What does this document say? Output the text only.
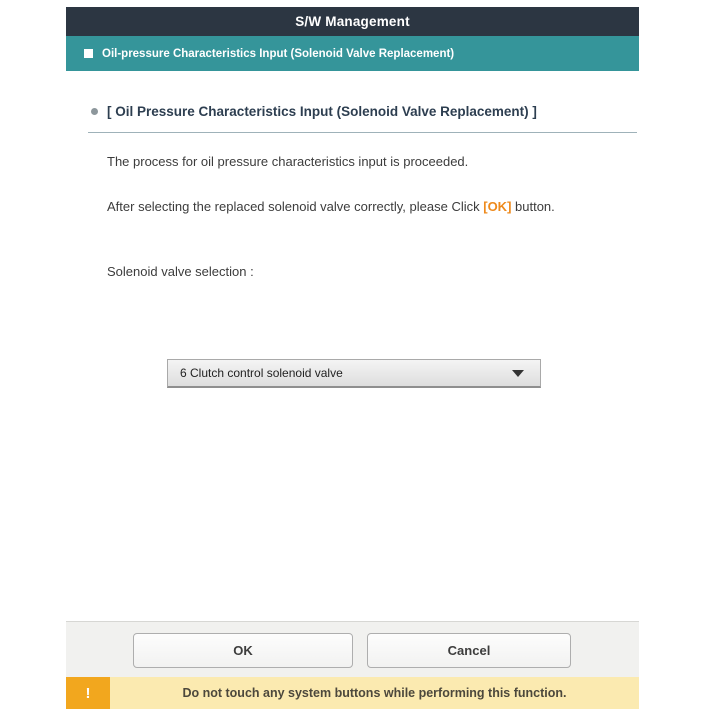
S/W Management
Oil-pressure Characteristics Input (Solenoid Valve Replacement)
[ Oil Pressure Characteristics Input (Solenoid Valve Replacement) ]
The process for oil pressure characteristics input is proceeded.
After selecting the replaced solenoid valve correctly, please Click [OK] button.
Solenoid valve selection :
6 Clutch control solenoid valve
OK	Cancel
!	Do not touch any system buttons while performing this function.
